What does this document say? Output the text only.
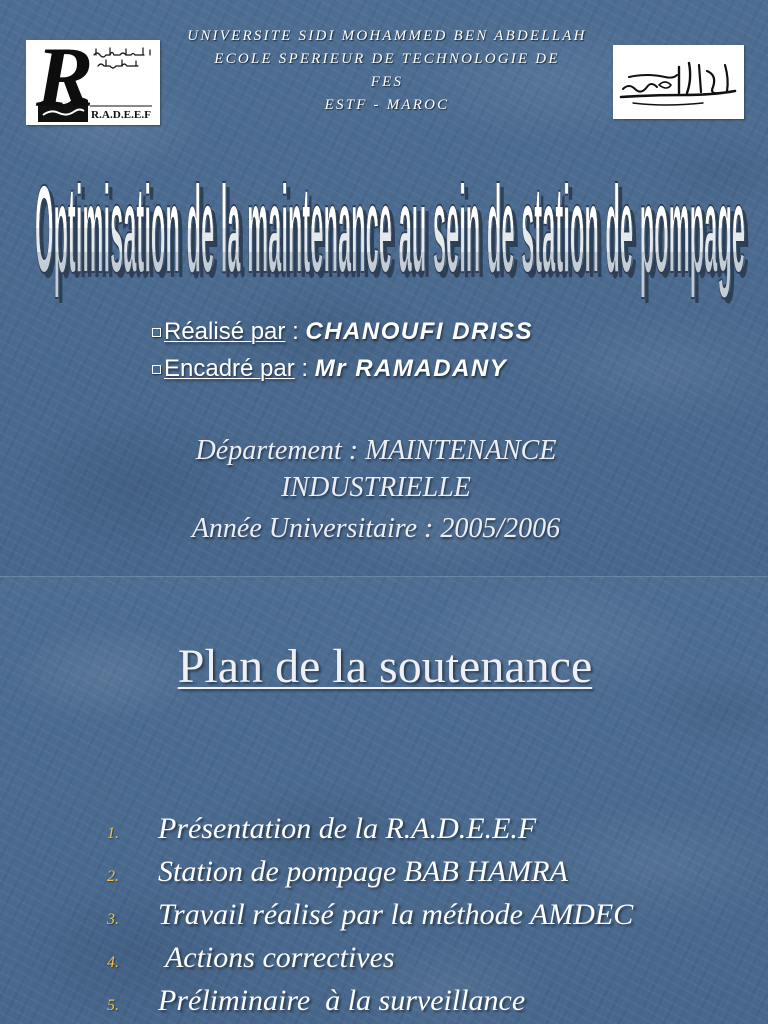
R
R.A.D.E.E.F
UNIVERSITE SIDI MOHAMMED BEN ABDELLAH
ECOLE SPERIEUR DE TECHNOLOGIE DE
FES
ESTF - MAROC
Optimisation de la maintenance au sein de station de pompage
Optimisation de la maintenance au sein de station de pompage
Optimisation de la maintenance au sein de station de pompage
Optimisation de la maintenance au sein de station de pompage
Optimisation de la maintenance au sein de station de pompage
Réalisé par : CHANOUFI DRISS
Encadré par : Mr RAMADANY
Département : MAINTENANCE
INDUSTRIELLE
Année Universitaire : 2005/2006
Plan de la soutenance
1.	Présentation de la R.A.D.E.E.F
2.	Station de pompage BAB HAMRA
3.	Travail réalisé par la méthode AMDEC
4.	Actions correctives
5.	Préliminaire  à la surveillance
